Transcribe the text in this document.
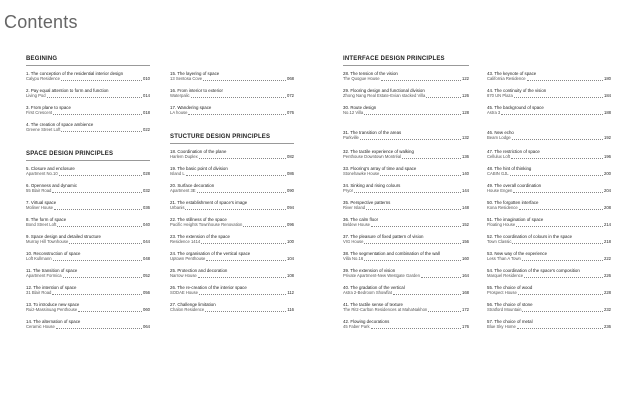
Contents
BEGINING
1. The conception of the residential interior design
Calypu Residence	010
2. Pay equal attention to form and function
Living Pod	014
3. From plane to space
First Crescent	018
4. The creation of space ambience
Greene Street Loft	022
SPACE DESIGN PRINCIPLES
5. Closure and enclosure
Apartment No.10	028
6. Openness and dynamic
55 Blair Road	032
7. Virtual space
Moliner House	036
8. The form of space
Bond Street Loft	040
9. Space design and detailed structure
Murray Hill Townhouse	044
10. Reconstruction of space
Loft Kullmann	048
11. The transition of space
Apartment Formica	052
12. The intention of space
31 Blair Road	056
13. To introduce new space
Ruiz-Massinuag Penthouse	060
14. The alternation of space
Ceramic House	064
15. The layering of space
13 Sentosa Cove	068
16. From interior to exterior
Waterpalic	072
17. Wandering space
LA house	076
STUCTURE DESIGN PRINCIPLES
18. Coordination of the plane
Harlem Duplex	082
19. The basic point of division
Island L	086
20. Surface decoration
Apartment 3E	090
21. The establishment of space's image
Urbanis	094
22. The stillness of the space
Pacific Heights Townhouse Renovation	096
23. The extension of the space
Residence 1414	100
24. The organisation of the vertical space
Uptown Penthouse	104
25. Protection and decoration
Narrow House	108
26. The re-creation of the interior space
SODAE House	112
27. Challenge limitation
Chalon Residence	116
INTERFACE DESIGN PRINCIPLES
28. The tension of the vision
The Quogue House	122
29. Flooring design and functional division
Zhong Nang Real Estate-Evian stacked Villa	126
30. Route design
No.12 Villa	128
31. The transition of the areas
Parkville	132
32. The tactile experience of walking
Penthouse Downtown Montréal	136
33. Flooring's array of time and space
Stonehawke House	140
34. Sinking and rising colours
Pryor	144
35. Perspective patterns
River Island	148
36. The calm floor
Beldew House	152
37. The pleasure of fixed pattern of vision
VIG House	156
38. The segmentation and combination of the wall
Villa No.16	160
39. The extension of vision
Private Apartment-New Westgate Garden	164
40. The gradation of the vertical
Astra 2-Bedroom Showflat	168
41. The tactile sense of texture
The Ritz-Carlton Residences at MahaNakhon	172
42. Flowing decorations
45 Faber Park	176
43. The keynote of space
California Residence	180
44. The continuity of the vision
870 UN Plaza	184
45. The background of space
Astra 3	188
46. New echo
Beam Lodge	192
47. The restriction of space
Cellulux Loft	196
48. The hint of thinking
CABIN GJL	200
49. The overall coordination
House Engen	204
50. The forgotten interface
Kona Residence	208
51. The imagination of space
Floating House	214
52. The coordination of colours in the space
Town Classic	218
53. New way of the experience
Less Than A Town	222
54. The coordination of the space's composition
Marquel Residence	226
55. The choice of wood
Prospect House	228
56. The choice of stone
Stratford Mountain	232
57. The choice of metal
Blue Sky Home	236
